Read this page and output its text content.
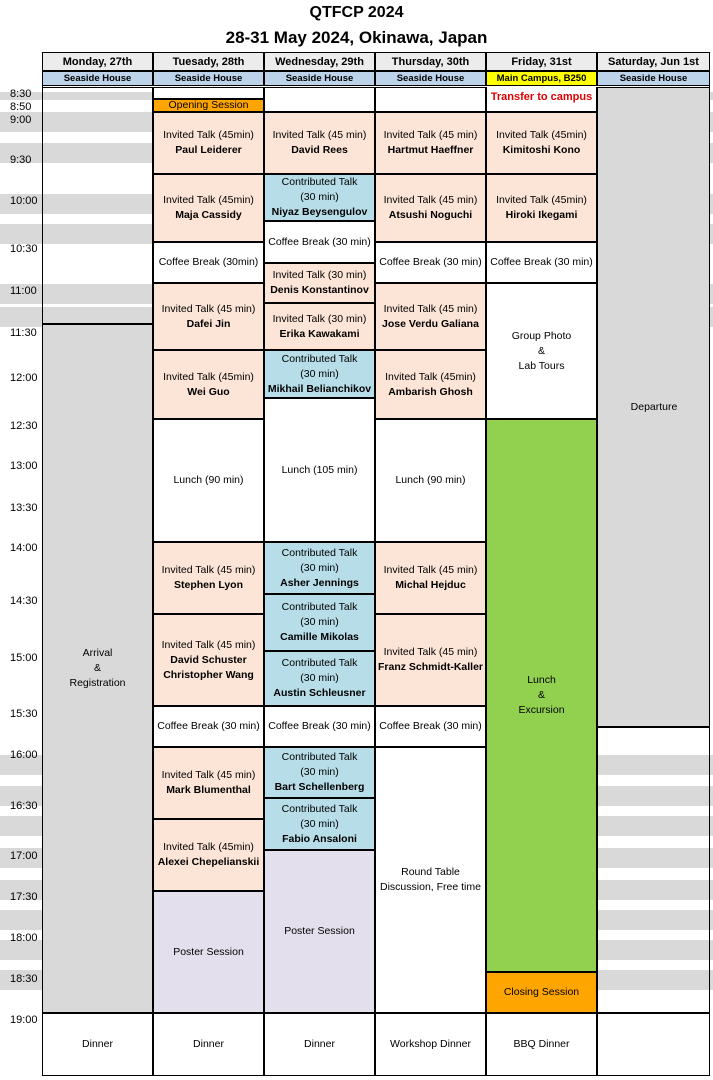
QTFCP 2024
28-31 May 2024, Okinawa, Japan
8:30
8:50
9:00
9:30
10:00
10:30
11:00
11:30
12:00
12:30
13:00
13:30
14:00
14:30
15:00
15:30
16:00
16:30
17:00
17:30
18:00
18:30
19:00
Monday, 27th
Seaside House
Tuesady, 28th
Seaside House
Wednesday, 29th
Seaside House
Thursday, 30th
Seaside House
Friday, 31st
Main Campus, B250
Saturday, Jun 1st
Seaside House
Arrival
&
Registration
Dinner
Opening Session
Invited Talk (45min)
Paul Leiderer
Invited Talk (45min)
Maja Cassidy
Coffee Break (30min)
Invited Talk (45 min)
Dafei Jin
Invited Talk (45min)
Wei Guo
Lunch (90 min)
Invited Talk (45 min)
Stephen Lyon
Invited Talk (45 min)
David Schuster
Christopher Wang
Coffee Break (30 min)
Invited Talk (45 min)
Mark Blumenthal
Invited Talk (45min)
Alexei Chepelianskii
Poster Session
Dinner
Invited Talk (45 min)
David Rees
Contributed Talk
(30 min)
Niyaz Beysengulov
Coffee Break (30 min)
Invited Talk (30 min)
Denis Konstantinov
Invited Talk (30 min)
Erika Kawakami
Contributed Talk
(30 min)
Mikhail Belianchikov
Lunch (105 min)
Contributed Talk
(30 min)
Asher Jennings
Contributed Talk
(30 min)
Camille Mikolas
Contributed Talk
(30 min)
Austin Schleusner
Coffee Break (30 min)
Contributed Talk
(30 min)
Bart Schellenberg
Contributed Talk
(30 min)
Fabio Ansaloni
Poster Session
Dinner
Invited Talk (45 min)
Hartmut Haeffner
Invited Talk (45 min)
Atsushi Noguchi
Coffee Break (30 min)
Invited Talk (45 min)
Jose Verdu Galiana
Invited Talk (45min)
Ambarish Ghosh
Lunch (90 min)
Invited Talk (45 min)
Michal Hejduc
Invited Talk (45 min)
Franz Schmidt-Kaller
Coffee Break (30 min)
Round Table
Discussion, Free time
Workshop Dinner
Transfer to campus
Invited Talk (45min)
Kimitoshi Kono
Invited Talk (45min)
Hiroki Ikegami
Coffee Break (30 min)
Group Photo
&
Lab Tours
Lunch
&
Excursion
Closing Session
BBQ Dinner
Departure
